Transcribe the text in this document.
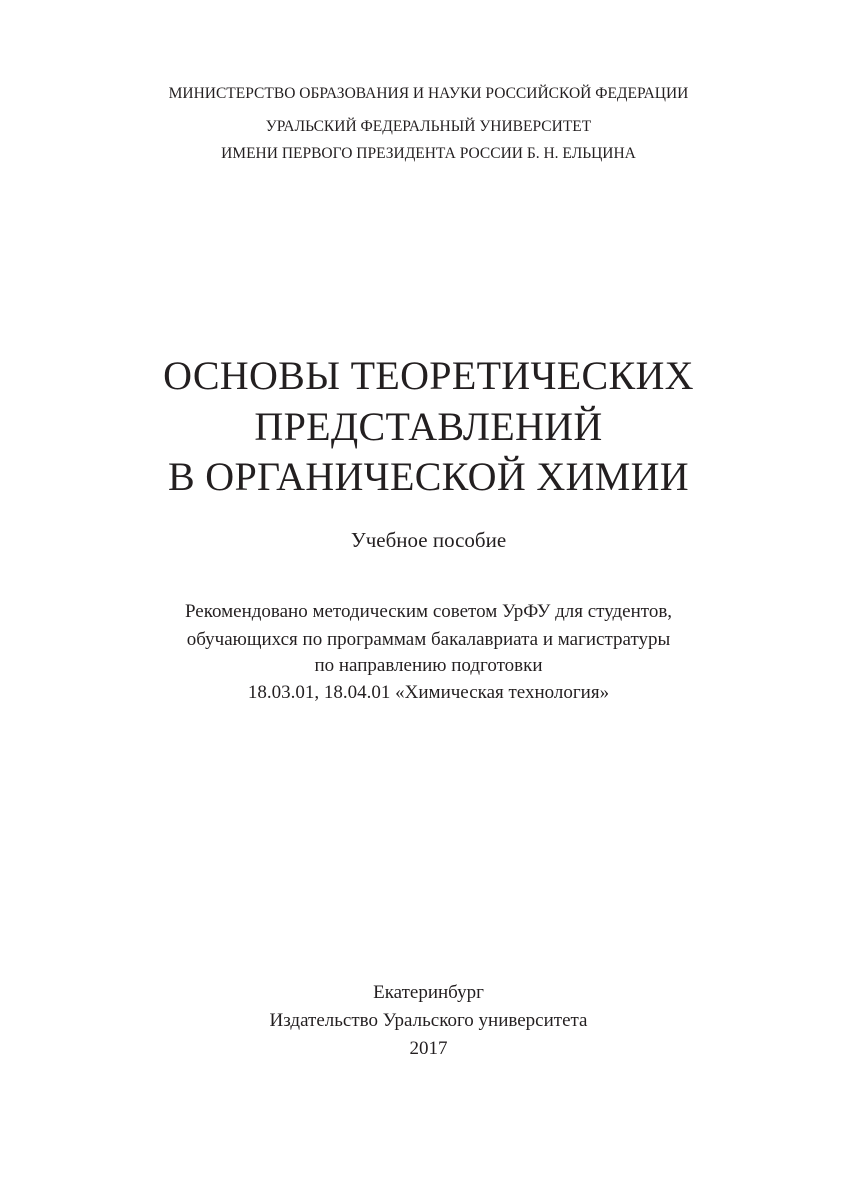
МИНИСТЕРСТВО ОБРАЗОВАНИЯ И НАУКИ РОССИЙСКОЙ ФЕДЕРАЦИИ

УРАЛЬСКИЙ ФЕДЕРАЛЬНЫЙ УНИВЕРСИТЕТ

ИМЕНИ ПЕРВОГО ПРЕЗИДЕНТА РОССИИ Б. Н. ЕЛЬЦИНА

ОСНОВЫ ТЕОРЕТИЧЕСКИХ
ПРЕДСТАВЛЕНИЙ
В ОРГАНИЧЕСКОЙ ХИМИИ

Учебное пособие

Рекомендовано методическим советом УрФУ для студентов,

обучающихся по программам бакалавриата и магистратуры

по направлению подготовки

18.03.01, 18.04.01 «Химическая технология»

Екатеринбург

Издательство Уральского университета

2017
